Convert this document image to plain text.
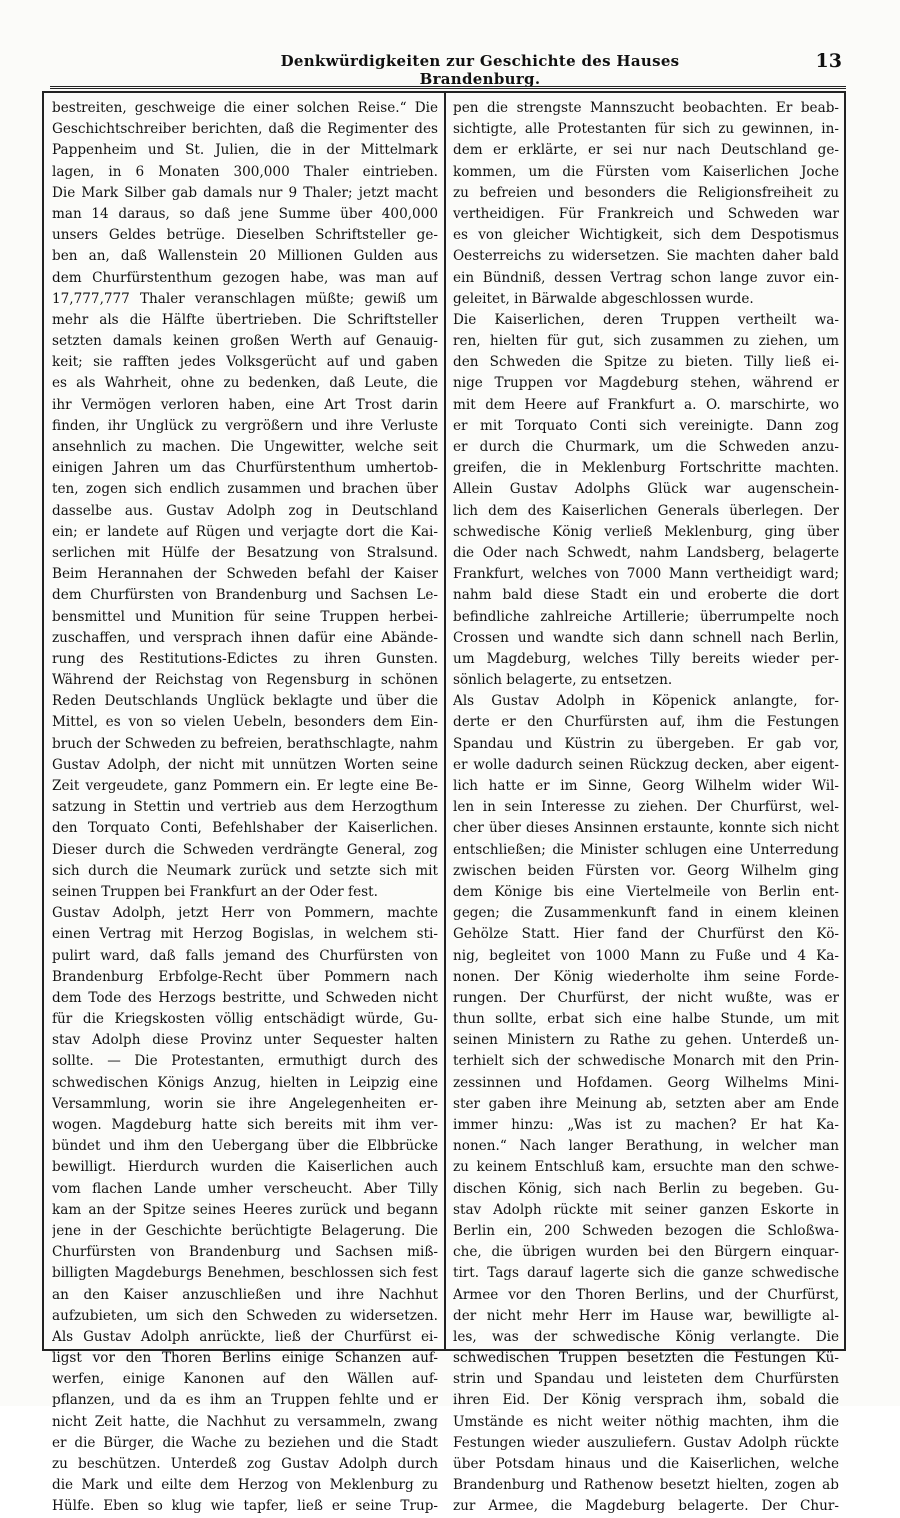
Denkwürdigkeiten zur Geschichte des Hauses Brandenburg.
13
bestreiten, geschweige die einer solchen Reise.“ Die
Geschichtschreiber berichten, daß die Regimenter des
Pappenheim und St. Julien, die in der Mittelmark
lagen, in 6 Monaten 300,000 Thaler eintrieben.
Die Mark Silber gab damals nur 9 Thaler; jetzt macht
man 14 daraus, so daß jene Summe über 400,000
unsers Geldes betrüge. Dieselben Schriftsteller ge-
ben an, daß Wallenstein 20 Millionen Gulden aus
dem Churfürstenthum gezogen habe, was man auf
17,777,777 Thaler veranschlagen müßte; gewiß um
mehr als die Hälfte übertrieben. Die Schriftsteller
setzten damals keinen großen Werth auf Genauig-
keit; sie rafften jedes Volksgerücht auf und gaben
es als Wahrheit, ohne zu bedenken, daß Leute, die
ihr Vermögen verloren haben, eine Art Trost darin
finden, ihr Unglück zu vergrößern und ihre Verluste
ansehnlich zu machen. Die Ungewitter, welche seit
einigen Jahren um das Churfürstenthum umhertob-
ten, zogen sich endlich zusammen und brachen über
dasselbe aus. Gustav Adolph zog in Deutschland
ein; er landete auf Rügen und verjagte dort die Kai-
serlichen mit Hülfe der Besatzung von Stralsund.
Beim Herannahen der Schweden befahl der Kaiser
dem Churfürsten von Brandenburg und Sachsen Le-
bensmittel und Munition für seine Truppen herbei-
zuschaffen, und versprach ihnen dafür eine Abände-
rung des Restitutions-Edictes zu ihren Gunsten.
Während der Reichstag von Regensburg in schönen
Reden Deutschlands Unglück beklagte und über die
Mittel, es von so vielen Uebeln, besonders dem Ein-
bruch der Schweden zu befreien, berathschlagte, nahm
Gustav Adolph, der nicht mit unnützen Worten seine
Zeit vergeudete, ganz Pommern ein. Er legte eine Be-
satzung in Stettin und vertrieb aus dem Herzogthum
den Torquato Conti, Befehlshaber der Kaiserlichen.
Dieser durch die Schweden verdrängte General, zog
sich durch die Neumark zurück und setzte sich mit
seinen Truppen bei Frankfurt an der Oder fest.
Gustav Adolph, jetzt Herr von Pommern, machte
einen Vertrag mit Herzog Bogislas, in welchem sti-
pulirt ward, daß falls jemand des Churfürsten von
Brandenburg Erbfolge-Recht über Pommern nach
dem Tode des Herzogs bestritte, und Schweden nicht
für die Kriegskosten völlig entschädigt würde, Gu-
stav Adolph diese Provinz unter Sequester halten
sollte. — Die Protestanten, ermuthigt durch des
schwedischen Königs Anzug, hielten in Leipzig eine
Versammlung, worin sie ihre Angelegenheiten er-
wogen. Magdeburg hatte sich bereits mit ihm ver-
bündet und ihm den Uebergang über die Elbbrücke
bewilligt. Hierdurch wurden die Kaiserlichen auch
vom flachen Lande umher verscheucht. Aber Tilly
kam an der Spitze seines Heeres zurück und begann
jene in der Geschichte berüchtigte Belagerung. Die
Churfürsten von Brandenburg und Sachsen miß-
billigten Magdeburgs Benehmen, beschlossen sich fest
an den Kaiser anzuschließen und ihre Nachhut
aufzubieten, um sich den Schweden zu widersetzen.
Als Gustav Adolph anrückte, ließ der Churfürst ei-
ligst vor den Thoren Berlins einige Schanzen auf-
werfen, einige Kanonen auf den Wällen auf-
pflanzen, und da es ihm an Truppen fehlte und er
nicht Zeit hatte, die Nachhut zu versammeln, zwang
er die Bürger, die Wache zu beziehen und die Stadt
zu beschützen. Unterdeß zog Gustav Adolph durch
die Mark und eilte dem Herzog von Meklenburg zu
Hülfe. Eben so klug wie tapfer, ließ er seine Trup-
pen die strengste Mannszucht beobachten. Er beab-
sichtigte, alle Protestanten für sich zu gewinnen, in-
dem er erklärte, er sei nur nach Deutschland ge-
kommen, um die Fürsten vom Kaiserlichen Joche
zu befreien und besonders die Religionsfreiheit zu
vertheidigen. Für Frankreich und Schweden war
es von gleicher Wichtigkeit, sich dem Despotismus
Oesterreichs zu widersetzen. Sie machten daher bald
ein Bündniß, dessen Vertrag schon lange zuvor ein-
geleitet, in Bärwalde abgeschlossen wurde.
Die Kaiserlichen, deren Truppen vertheilt wa-
ren, hielten für gut, sich zusammen zu ziehen, um
den Schweden die Spitze zu bieten. Tilly ließ ei-
nige Truppen vor Magdeburg stehen, während er
mit dem Heere auf Frankfurt a. O. marschirte, wo
er mit Torquato Conti sich vereinigte. Dann zog
er durch die Churmark, um die Schweden anzu-
greifen, die in Meklenburg Fortschritte machten.
Allein Gustav Adolphs Glück war augenschein-
lich dem des Kaiserlichen Generals überlegen. Der
schwedische König verließ Meklenburg, ging über
die Oder nach Schwedt, nahm Landsberg, belagerte
Frankfurt, welches von 7000 Mann vertheidigt ward;
nahm bald diese Stadt ein und eroberte die dort
befindliche zahlreiche Artillerie; überrumpelte noch
Crossen und wandte sich dann schnell nach Berlin,
um Magdeburg, welches Tilly bereits wieder per-
sönlich belagerte, zu entsetzen.
Als Gustav Adolph in Köpenick anlangte, for-
derte er den Churfürsten auf, ihm die Festungen
Spandau und Küstrin zu übergeben. Er gab vor,
er wolle dadurch seinen Rückzug decken, aber eigent-
lich hatte er im Sinne, Georg Wilhelm wider Wil-
len in sein Interesse zu ziehen. Der Churfürst, wel-
cher über dieses Ansinnen erstaunte, konnte sich nicht
entschließen; die Minister schlugen eine Unterredung
zwischen beiden Fürsten vor. Georg Wilhelm ging
dem Könige bis eine Viertelmeile von Berlin ent-
gegen; die Zusammenkunft fand in einem kleinen
Gehölze Statt. Hier fand der Churfürst den Kö-
nig, begleitet von 1000 Mann zu Fuße und 4 Ka-
nonen. Der König wiederholte ihm seine Forde-
rungen. Der Churfürst, der nicht wußte, was er
thun sollte, erbat sich eine halbe Stunde, um mit
seinen Ministern zu Rathe zu gehen. Unterdeß un-
terhielt sich der schwedische Monarch mit den Prin-
zessinnen und Hofdamen. Georg Wilhelms Mini-
ster gaben ihre Meinung ab, setzten aber am Ende
immer hinzu: „Was ist zu machen? Er hat Ka-
nonen.“ Nach langer Berathung, in welcher man
zu keinem Entschluß kam, ersuchte man den schwe-
dischen König, sich nach Berlin zu begeben. Gu-
stav Adolph rückte mit seiner ganzen Eskorte in
Berlin ein, 200 Schweden bezogen die Schloßwa-
che, die übrigen wurden bei den Bürgern einquar-
tirt. Tags darauf lagerte sich die ganze schwedische
Armee vor den Thoren Berlins, und der Churfürst,
der nicht mehr Herr im Hause war, bewilligte al-
les, was der schwedische König verlangte. Die
schwedischen Truppen besetzten die Festungen Kü-
strin und Spandau und leisteten dem Churfürsten
ihren Eid. Der König versprach ihm, sobald die
Umstände es nicht weiter nöthig machten, ihm die
Festungen wieder auszuliefern. Gustav Adolph rückte
über Potsdam hinaus und die Kaiserlichen, welche
Brandenburg und Rathenow besetzt hielten, zogen ab
zur Armee, die Magdeburg belagerte. Der Chur-
